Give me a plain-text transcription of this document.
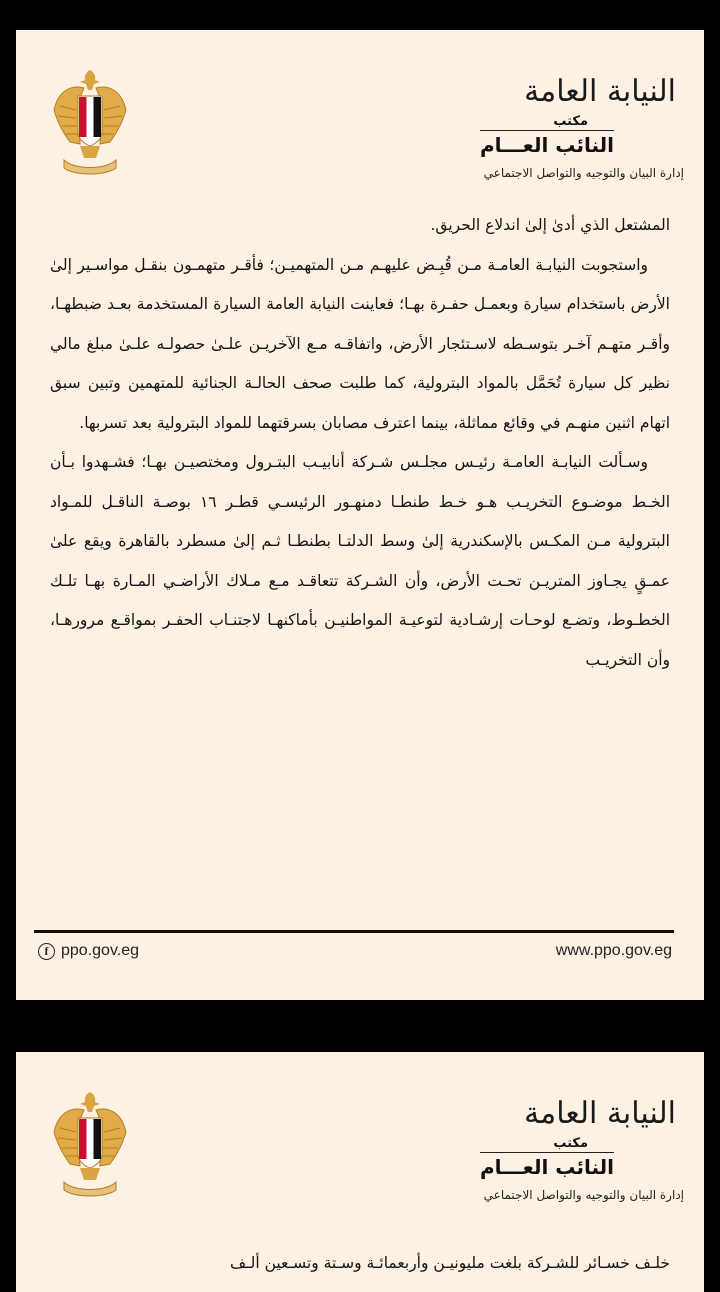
النيابة العامة
مكتب
النائب العـــام
إدارة البيان والتوجيه والتواصل الاجتماعي

المشتعل الذي أدىٰ إلىٰ اندلاع الحريق.

واستجوبت النيابـة العامـة مـن قُبِـض عليهـم مـن المتهميـن؛ فأقـر متهمـون بنقـل مواسـير إلىٰ الأرض باستخدام سيارة وبعمـل حفـرة بهـا؛ فعاينت النيابة العامة السيارة المستخدمة بعـد ضبطهـا، وأقـر متهـم آخـر بتوسـطه لاسـتئجار الأرض، واتفاقـه مـع الآخريـن علـىٰ حصولـه علـىٰ مبلغ مالي نظير كل سيارة تُحَمَّل بالمواد البترولية، كما طلبت صحف الحالـة الجنائية للمتهمين وتبين سبق اتهام اثنين منهـم في وقائع مماثلة، بينما اعترف مصابان بسرقتهما للمواد البترولية بعد تسربها.

وسـألت النيابـة العامـة رئيـس مجلـس شـركة أنابيـب البتـرول ومختصيـن بهـا؛ فشـهدوا بـأن الخـط موضـوع التخريـب هـو خـط طنطـا دمنهـور الرئيسـي قطـر ١٦ بوصـة الناقـل للمـواد البترولية مـن المكـس بالإسكندرية إلىٰ وسط الدلتـا بطنطـا ثـم إلىٰ مسطرد بالقاهرة ويقع علىٰ عمـقٍ يجـاوز المتريـن تحـت الأرض، وأن الشـركة تتعاقـد مـع مـلاك الأراضـي المـارة بهـا تلـك الخطـوط، وتضـع لوحـات إرشـادية لتوعيـة المواطنيـن بأماكنهـا لاجتنـاب الحفـر بمواقـع مرورهـا، وأن التخريـب

f ppo.gov.eg	www.ppo.gov.eg
النيابة العامة
مكتب
النائب العـــام
إدارة البيان والتوجيه والتواصل الاجتماعي

خلـف خسـائر للشـركة بلغت مليونيـن وأربعمائـة وسـتة وتسـعين ألـف
